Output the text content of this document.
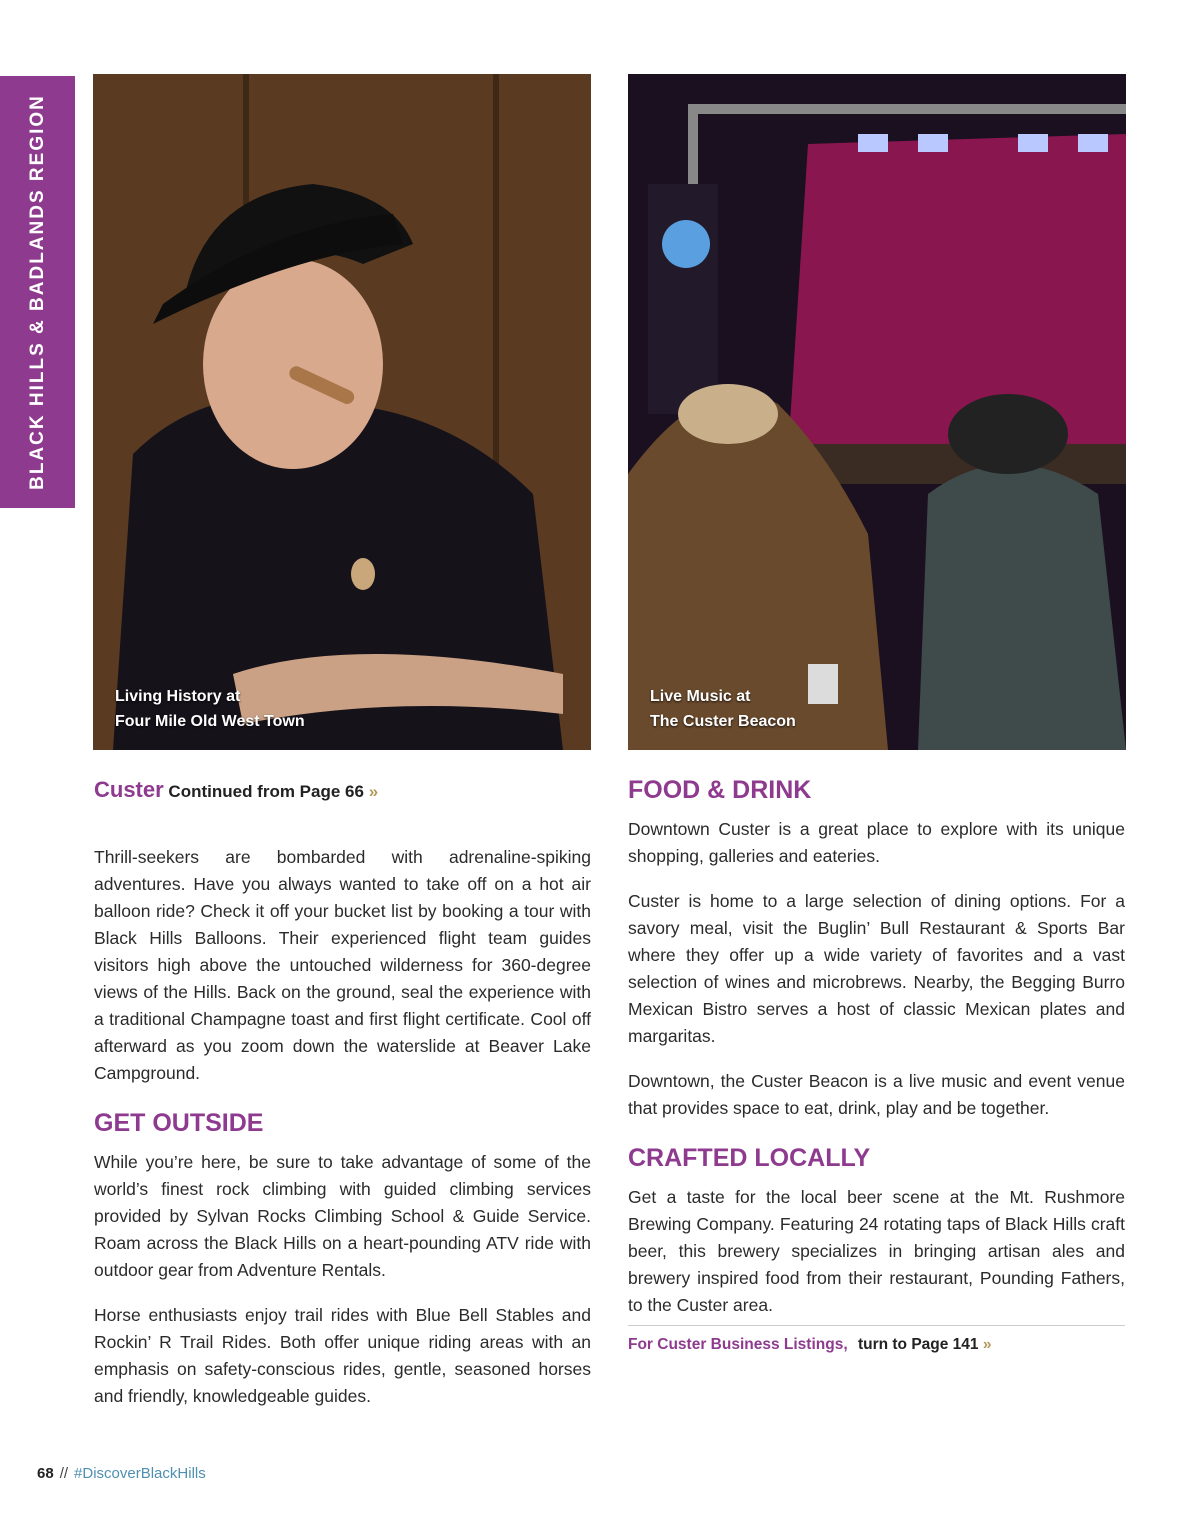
BLACK HILLS & BADLANDS REGION
Living History at
Four Mile Old West Town
Live Music at
The Custer Beacon

Custer Continued from Page 66 »

Thrill-seekers are bombarded with adrenaline-spiking adventures. Have you always wanted to take off on a hot air balloon ride? Check it off your bucket list by booking a tour with Black Hills Balloons. Their experienced flight team guides visitors high above the untouched wilderness for 360-degree views of the Hills. Back on the ground, seal the experience with a traditional Champagne toast and first flight certificate. Cool off afterward as you zoom down the waterslide at Beaver Lake Campground.

GET OUTSIDE

While you’re here, be sure to take advantage of some of the world’s finest rock climbing with guided climbing services provided by Sylvan Rocks Climbing School & Guide Service. Roam across the Black Hills on a heart-pounding ATV ride with outdoor gear from Adventure Rentals.

Horse enthusiasts enjoy trail rides with Blue Bell Stables and Rockin’ R Trail Rides. Both offer unique riding areas with an emphasis on safety-conscious rides, gentle, seasoned horses and friendly, knowledgeable guides.

FOOD & DRINK

Downtown Custer is a great place to explore with its unique shopping, galleries and eateries.

Custer is home to a large selection of dining options. For a savory meal, visit the Buglin’ Bull Restaurant & Sports Bar where they offer up a wide variety of favorites and a vast selection of wines and microbrews. Nearby, the Begging Burro Mexican Bistro serves a host of classic Mexican plates and margaritas.

Downtown, the Custer Beacon is a live music and event venue that provides space to eat, drink, play and be together.

CRAFTED LOCALLY

Get a taste for the local beer scene at the Mt. Rushmore Brewing Company. Featuring 24 rotating taps of Black Hills craft beer, this brewery specializes in bringing artisan ales and brewery inspired food from their restaurant, Pounding Fathers, to the Custer area.

For Custer Business Listings, turn to Page 141 »
68 // #DiscoverBlackHills
